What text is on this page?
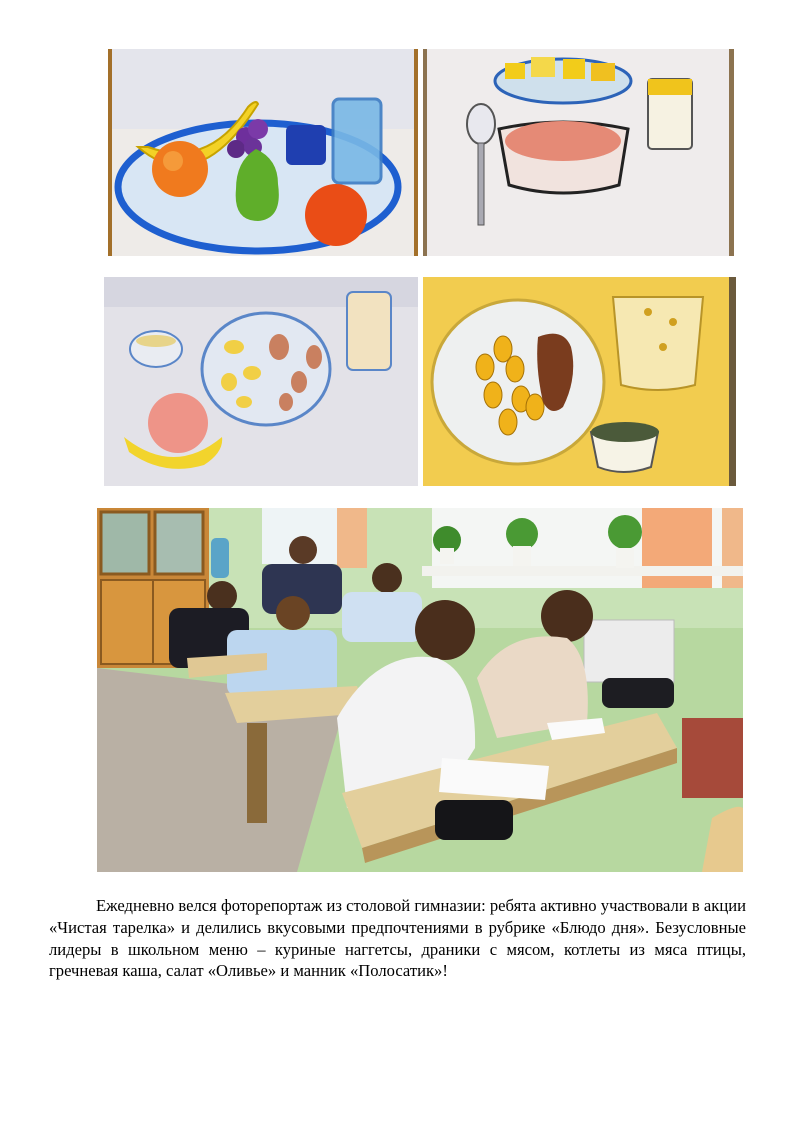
Ежедневно велся фоторепортаж из столовой гимназии: ребята активно участвовали в акции «Чистая тарелка» и делились вкусовыми предпочтениями в рубрике «Блюдо дня». Безусловные лидеры в школьном меню – куриные наггетсы, драники с мясом, котлеты из мяса птицы, гречневая каша, салат «Оливье» и манник «Полосатик»!
